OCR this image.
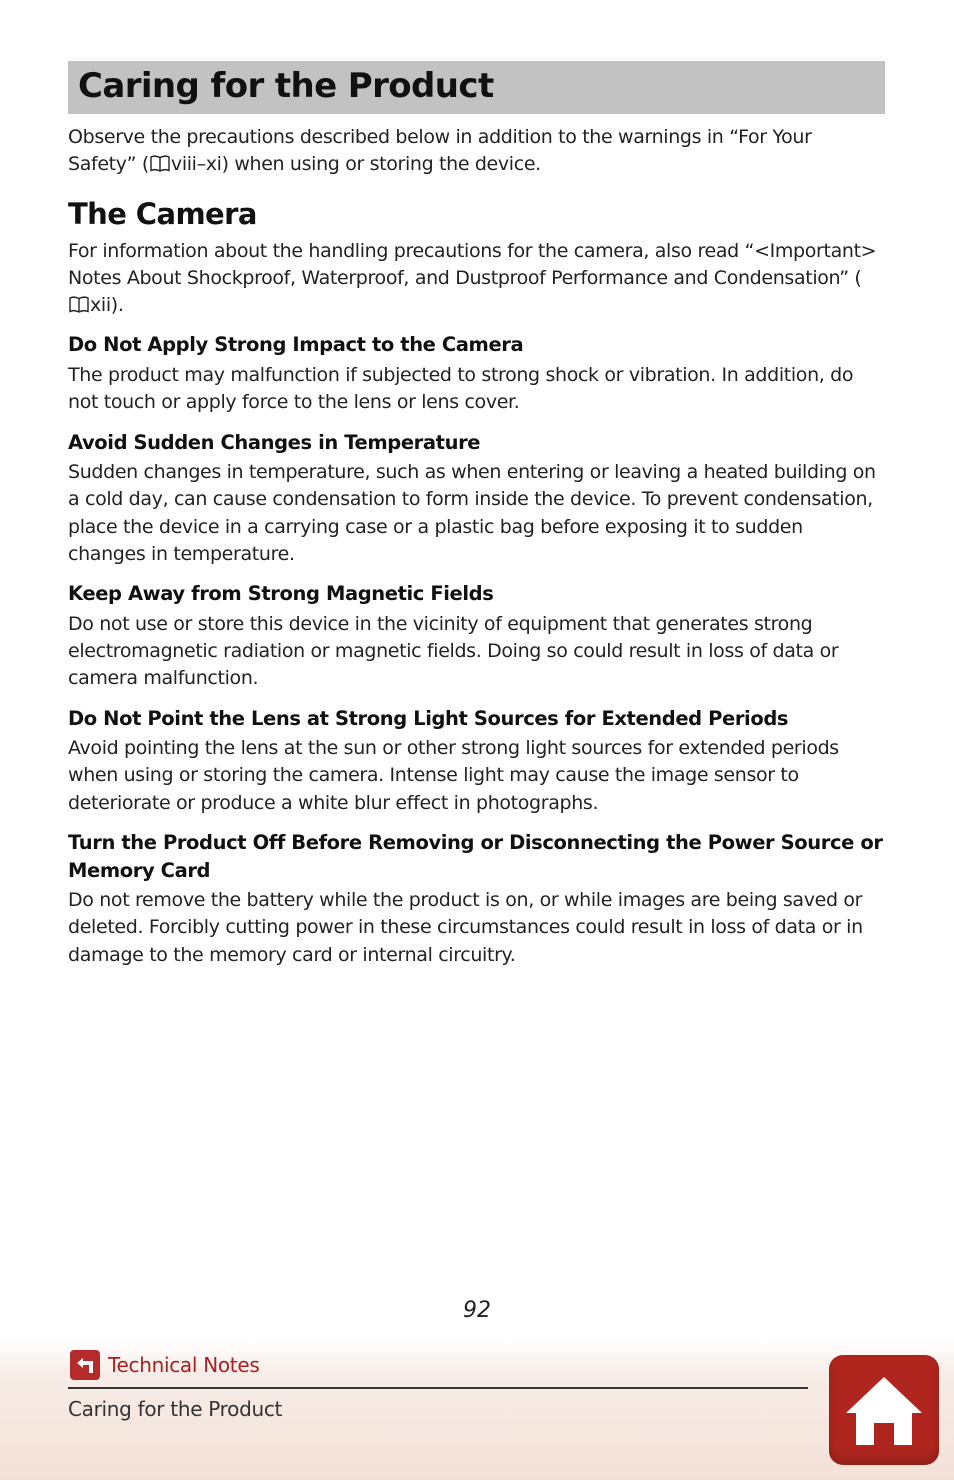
Caring for the Product

Observe the precautions described below in addition to the warnings in “For Your Safety” ( viii–xi) when using or storing the device.

The Camera

For information about the handling precautions for the camera, also read “<Important> Notes About Shockproof, Waterproof, and Dustproof Performance and Condensation” (xii).

Do Not Apply Strong Impact to the Camera

The product may malfunction if subjected to strong shock or vibration. In addition, do not touch or apply force to the lens or lens cover.

Avoid Sudden Changes in Temperature

Sudden changes in temperature, such as when entering or leaving a heated building on a cold day, can cause condensation to form inside the device. To prevent condensation, place the device in a carrying case or a plastic bag before exposing it to sudden changes in temperature.

Keep Away from Strong Magnetic Fields

Do not use or store this device in the vicinity of equipment that generates strong electromagnetic radiation or magnetic fields. Doing so could result in loss of data or camera malfunction.

Do Not Point the Lens at Strong Light Sources for Extended Periods

Avoid pointing the lens at the sun or other strong light sources for extended periods when using or storing the camera. Intense light may cause the image sensor to deteriorate or produce a white blur effect in photographs.

Turn the Product Off Before Removing or Disconnecting the Power Source or Memory Card

Do not remove the battery while the product is on, or while images are being saved or deleted. Forcibly cutting power in these circumstances could result in loss of data or in damage to the memory card or internal circuitry.

92
Technical Notes
Caring for the Product
